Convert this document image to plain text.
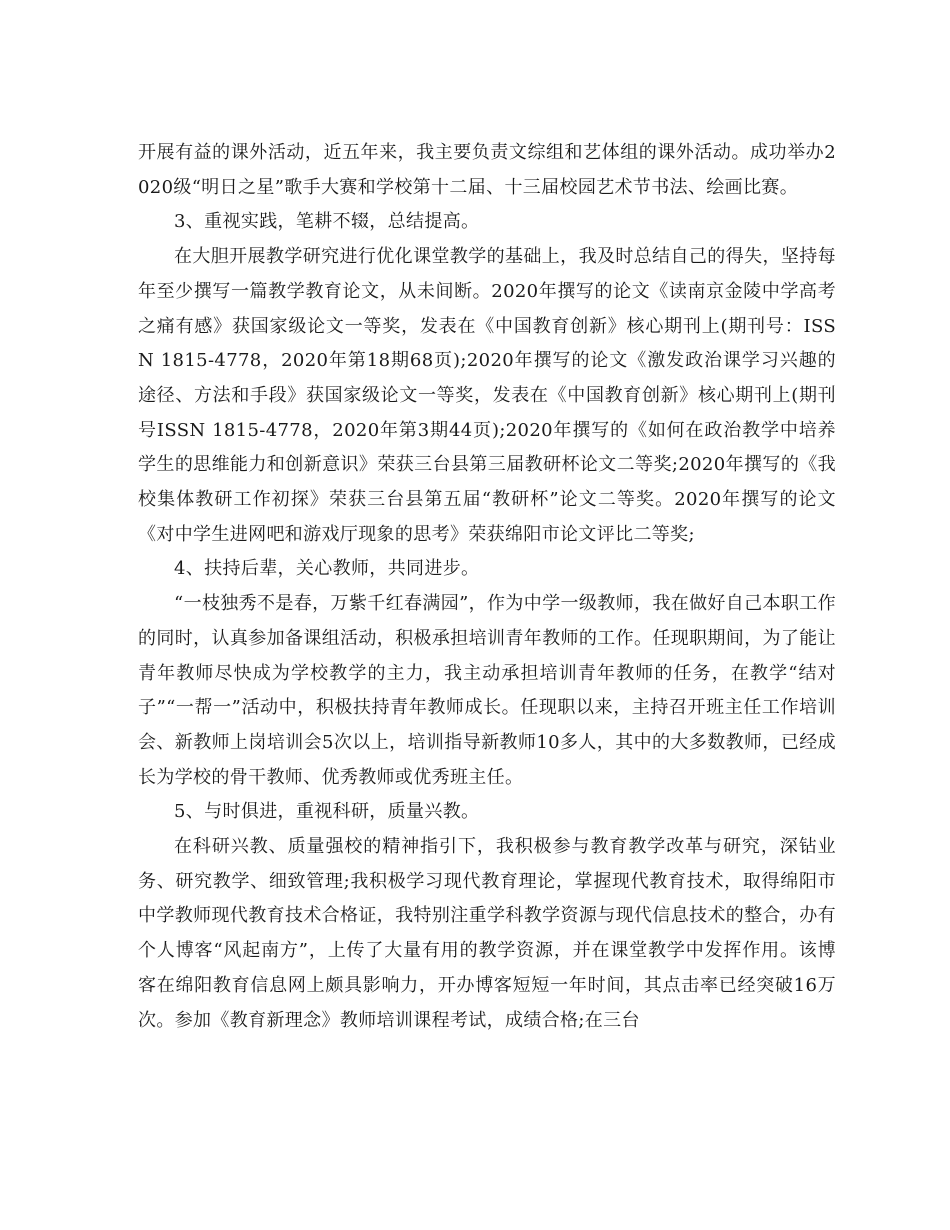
开展有益的课外活动，近五年来，我主要负责文综组和艺体组的课外活动。成功举办2020级“明日之星”歌手大赛和学校第十二届、十三届校园艺术节书法、绘画比赛。

3、重视实践，笔耕不辍，总结提高。

在大胆开展教学研究进行优化课堂教学的基础上，我及时总结自己的得失，坚持每年至少撰写一篇教学教育论文，从未间断。2020年撰写的论文《读南京金陵中学高考之痛有感》获国家级论文一等奖，发表在《中国教育创新》核心期刊上(期刊号：ISSN 1815-4778，2020年第18期68页);2020年撰写的论文《激发政治课学习兴趣的途径、方法和手段》获国家级论文一等奖，发表在《中国教育创新》核心期刊上(期刊号ISSN 1815-4778，2020年第3期44页);2020年撰写的《如何在政治教学中培养学生的思维能力和创新意识》荣获三台县第三届教研杯论文二等奖;2020年撰写的《我校集体教研工作初探》荣获三台县第五届“教研杯”论文二等奖。2020年撰写的论文《对中学生进网吧和游戏厅现象的思考》荣获绵阳市论文评比二等奖;

4、扶持后辈，关心教师，共同进步。

“一枝独秀不是春，万紫千红春满园”，作为中学一级教师，我在做好自己本职工作的同时，认真参加备课组活动，积极承担培训青年教师的工作。任现职期间，为了能让青年教师尽快成为学校教学的主力，我主动承担培训青年教师的任务，在教学“结对子”“一帮一”活动中，积极扶持青年教师成长。任现职以来，主持召开班主任工作培训会、新教师上岗培训会5次以上，培训指导新教师10多人，其中的大多数教师，已经成长为学校的骨干教师、优秀教师或优秀班主任。

5、与时俱进，重视科研，质量兴教。

在科研兴教、质量强校的精神指引下，我积极参与教育教学改革与研究，深钻业务、研究教学、细致管理;我积极学习现代教育理论，掌握现代教育技术，取得绵阳市中学教师现代教育技术合格证，我特别注重学科教学资源与现代信息技术的整合，办有个人博客“风起南方”，上传了大量有用的教学资源，并在课堂教学中发挥作用。该博客在绵阳教育信息网上颇具影响力，开办博客短短一年时间，其点击率已经突破16万次。参加《教育新理念》教师培训课程考试，成绩合格;在三台
